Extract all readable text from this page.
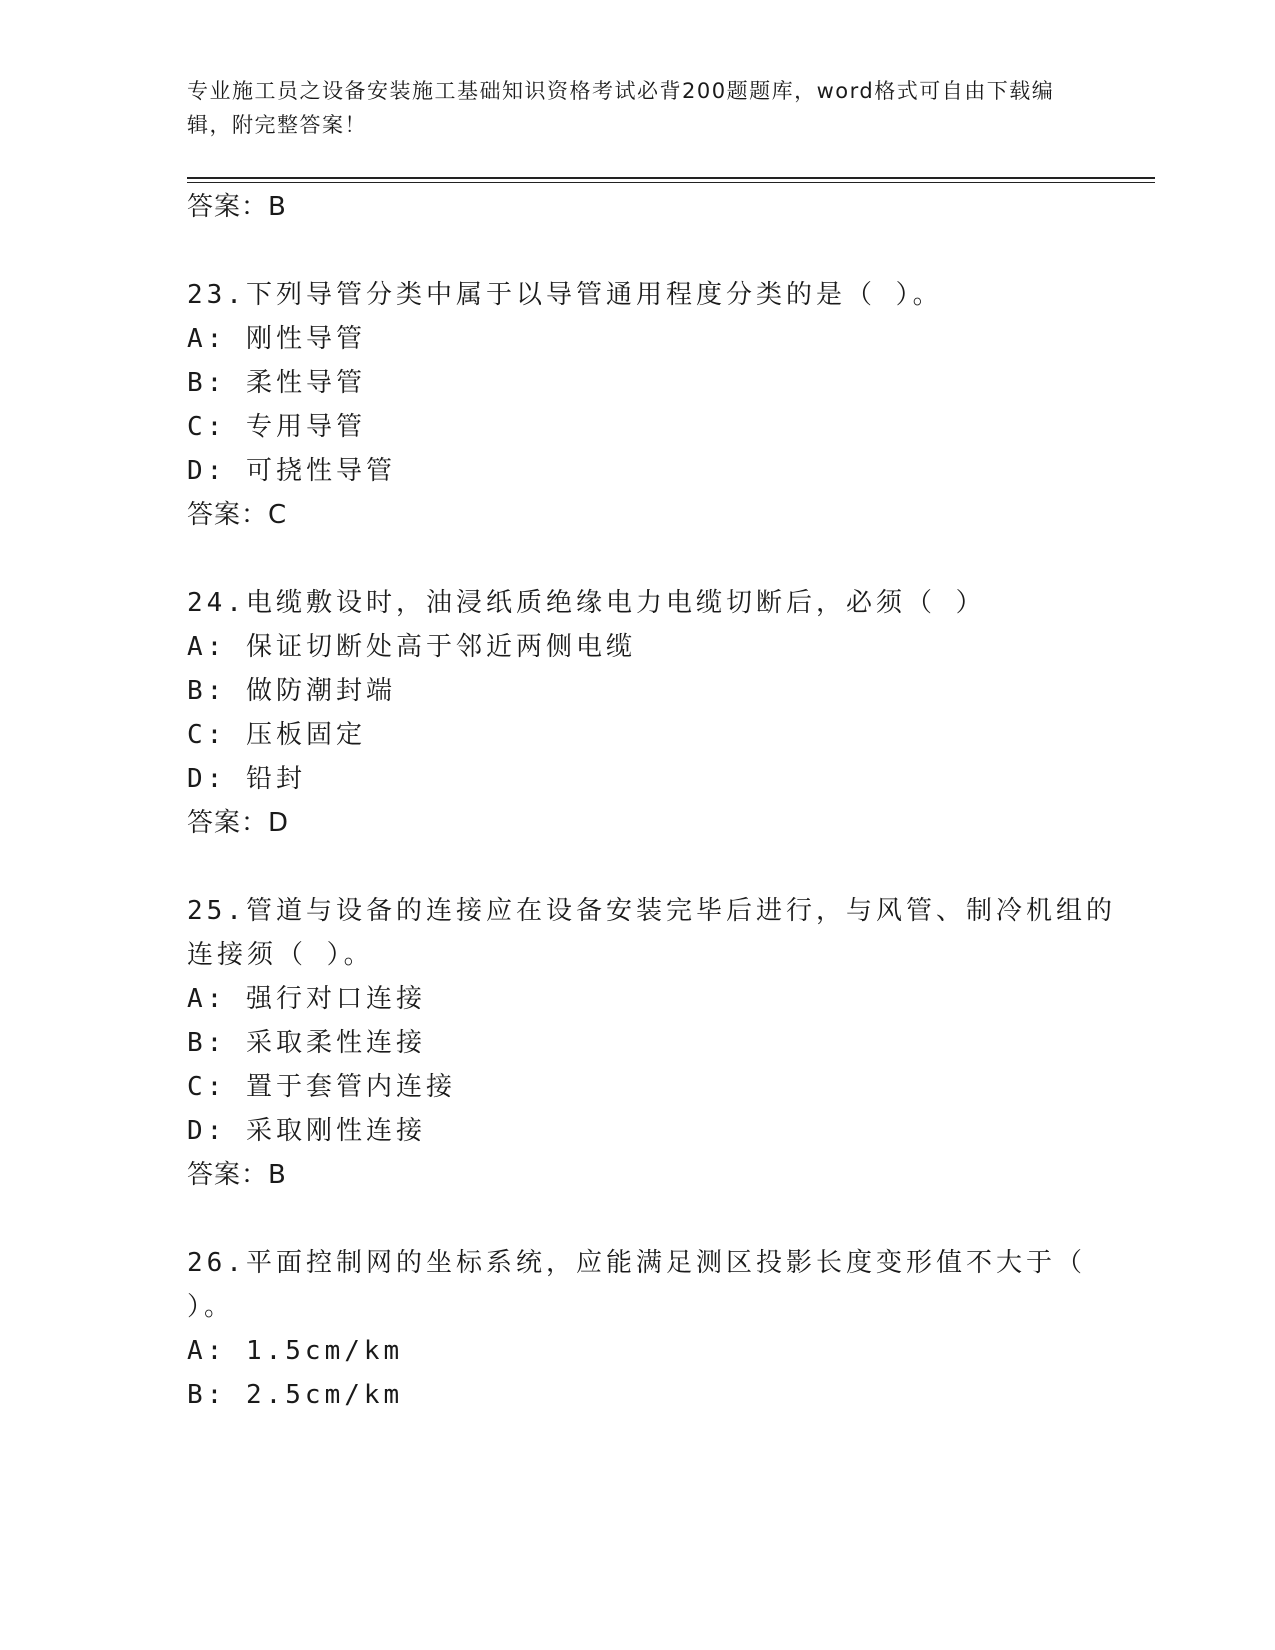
专业施工员之设备安装施工基础知识资格考试必背200题题库，word格式可自由下载编辑，附完整答案！
答案：B
23.下列导管分类中属于以导管通用程度分类的是（ ）。
A: 刚性导管
B: 柔性导管
C: 专用导管
D: 可挠性导管
答案：C
24.电缆敷设时，油浸纸质绝缘电力电缆切断后，必须（ ）
A: 保证切断处高于邻近两侧电缆
B: 做防潮封端
C: 压板固定
D: 铅封
答案：D
25.管道与设备的连接应在设备安装完毕后进行，与风管、制冷机组的
连接须（ ）。
A: 强行对口连接
B: 采取柔性连接
C: 置于套管内连接
D: 采取刚性连接
答案：B
26.平面控制网的坐标系统，应能满足测区投影长度变形值不大于（
）。
A: 1.5cm/km
B: 2.5cm/km
